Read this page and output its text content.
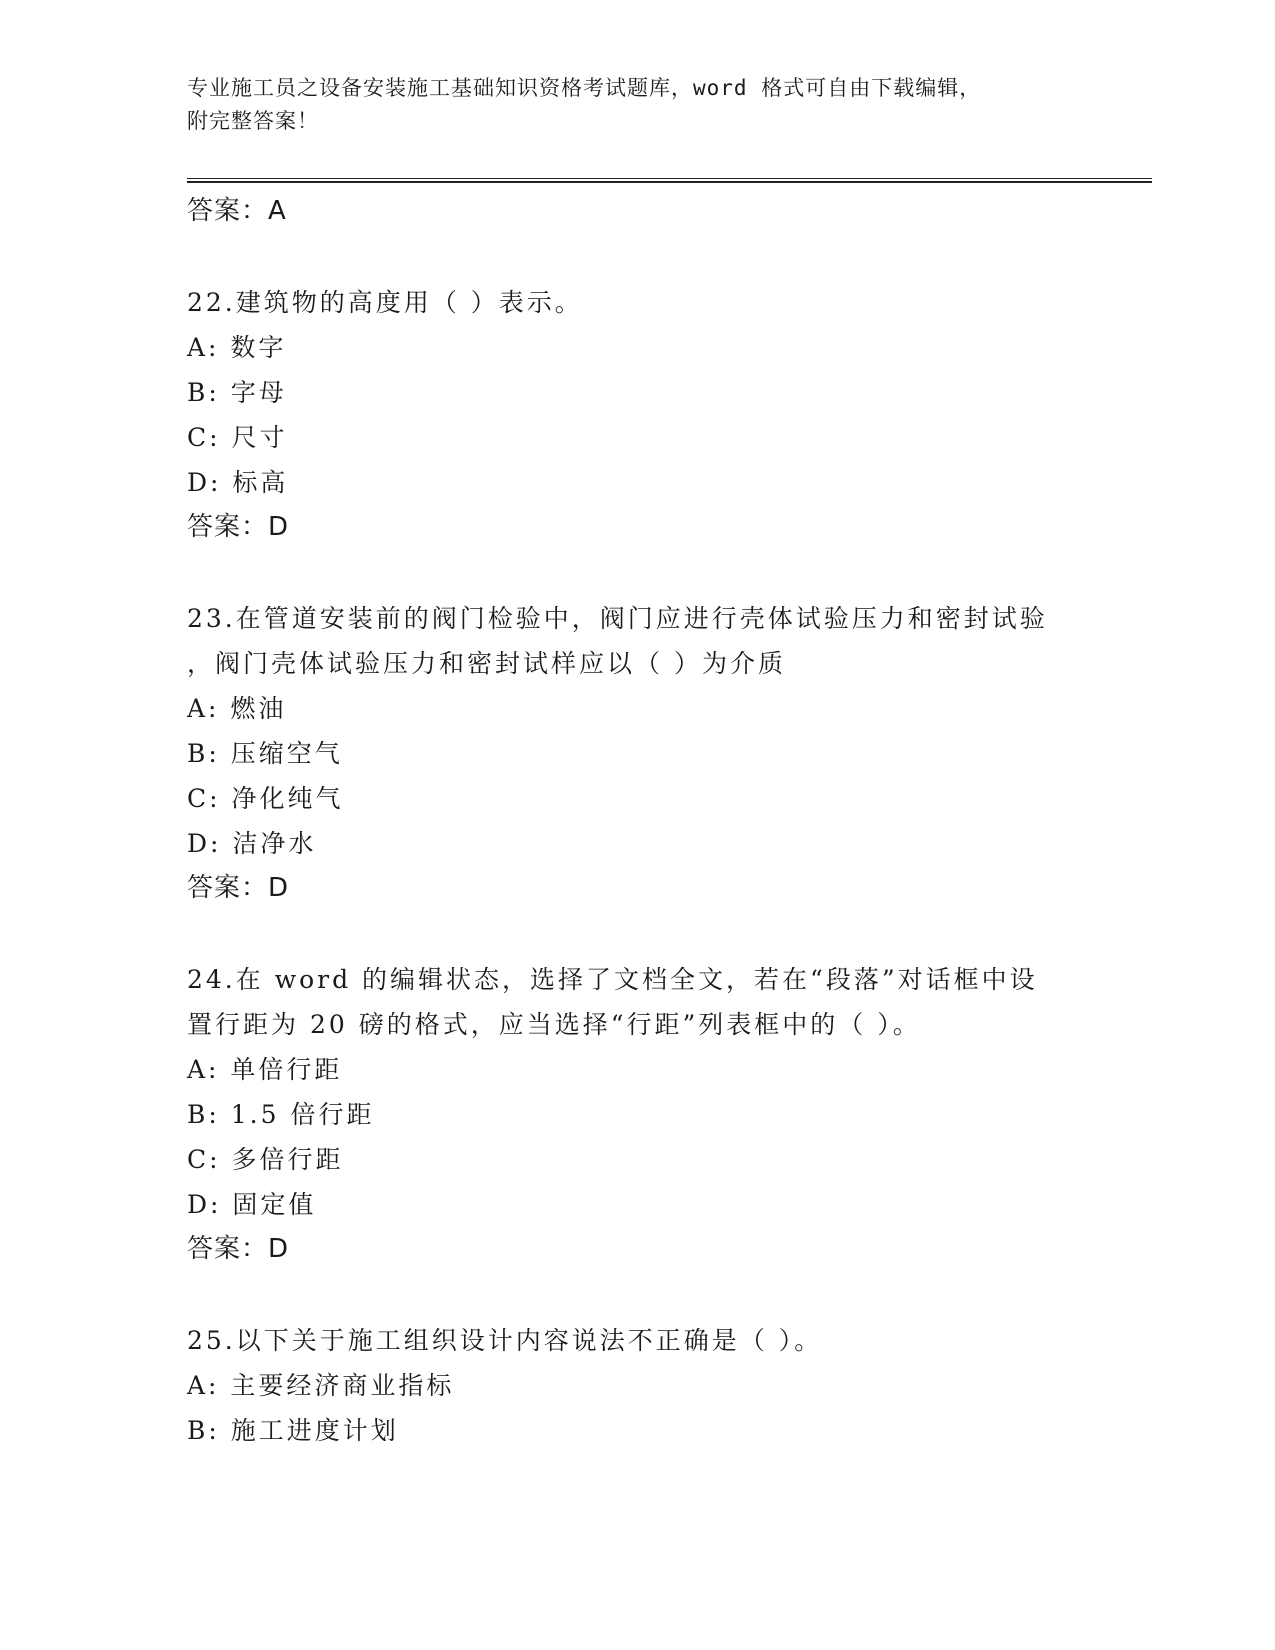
专业施工员之设备安装施工基础知识资格考试题库，word 格式可自由下载编辑，
附完整答案！
答案：A
22.建筑物的高度用（ ）表示。
A: 数字
B: 字母
C: 尺寸
D: 标高
答案：D
23.在管道安装前的阀门检验中，阀门应进行壳体试验压力和密封试验
，阀门壳体试验压力和密封试样应以（ ）为介质
A: 燃油
B: 压缩空气
C: 净化纯气
D: 洁净水
答案：D
24.在 word 的编辑状态，选择了文档全文，若在“段落”对话框中设
置行距为 20 磅的格式，应当选择“行距”列表框中的（ ）。
A: 单倍行距
B: 1.5 倍行距
C: 多倍行距
D: 固定值
答案：D
25.以下关于施工组织设计内容说法不正确是（ ）。
A: 主要经济商业指标
B: 施工进度计划
